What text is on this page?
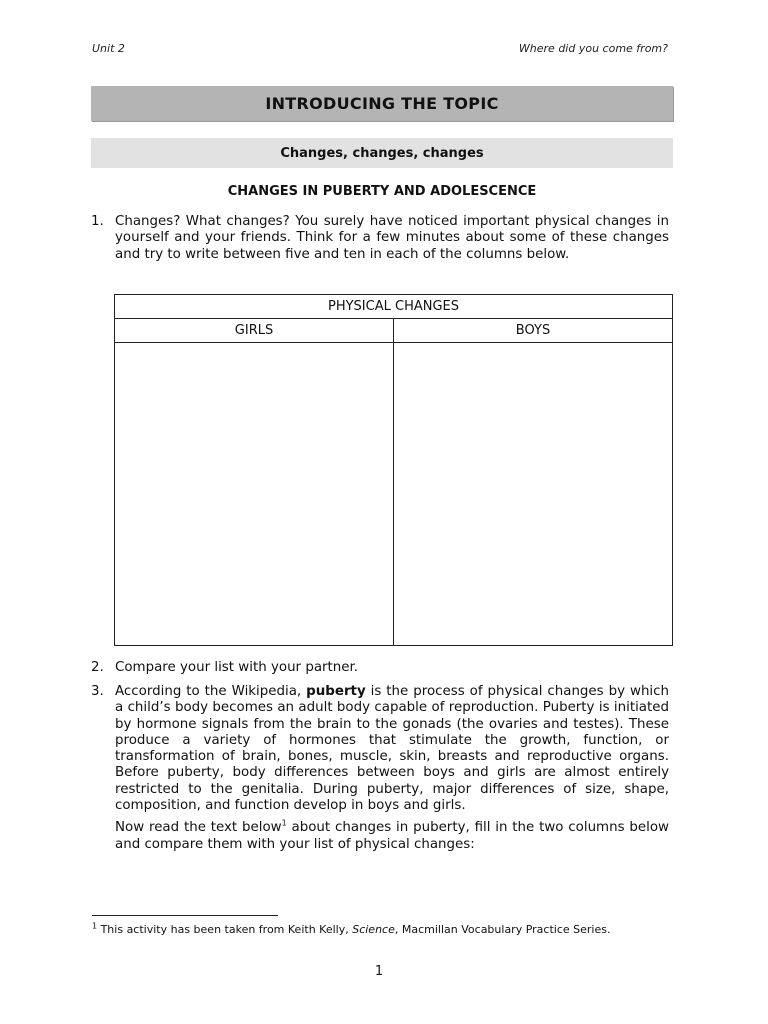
Unit 2	Where did you come from?
INTRODUCING THE TOPIC
Changes, changes, changes
CHANGES IN PUBERTY AND ADOLESCENCE
1. Changes? What changes? You surely have noticed important physical changes in yourself and your friends. Think for a few minutes about some of these changes and try to write between five and ten in each of the columns below.

PHYSICAL CHANGES	
GIRLS	BOYS

2. Compare your list with your partner.

3. According to the Wikipedia, puberty is the process of physical changes by which a child’s body becomes an adult body capable of reproduction. Puberty is initiated by hormone signals from the brain to the gonads (the ovaries and testes). These produce a variety of hormones that stimulate the growth, function, or transformation of brain, bones, muscle, skin, breasts and reproductive organs. Before puberty, body differences between boys and girls are almost entirely restricted to the genitalia. During puberty, major differences of size, shape, composition, and function develop in boys and girls.

Now read the text below$^1$ about changes in puberty, fill in the two columns below and compare them with your list of physical changes:

$^1$ This activity has been taken from Keith Kelly, Science, Macmillan Vocabulary Practice Series.
1
